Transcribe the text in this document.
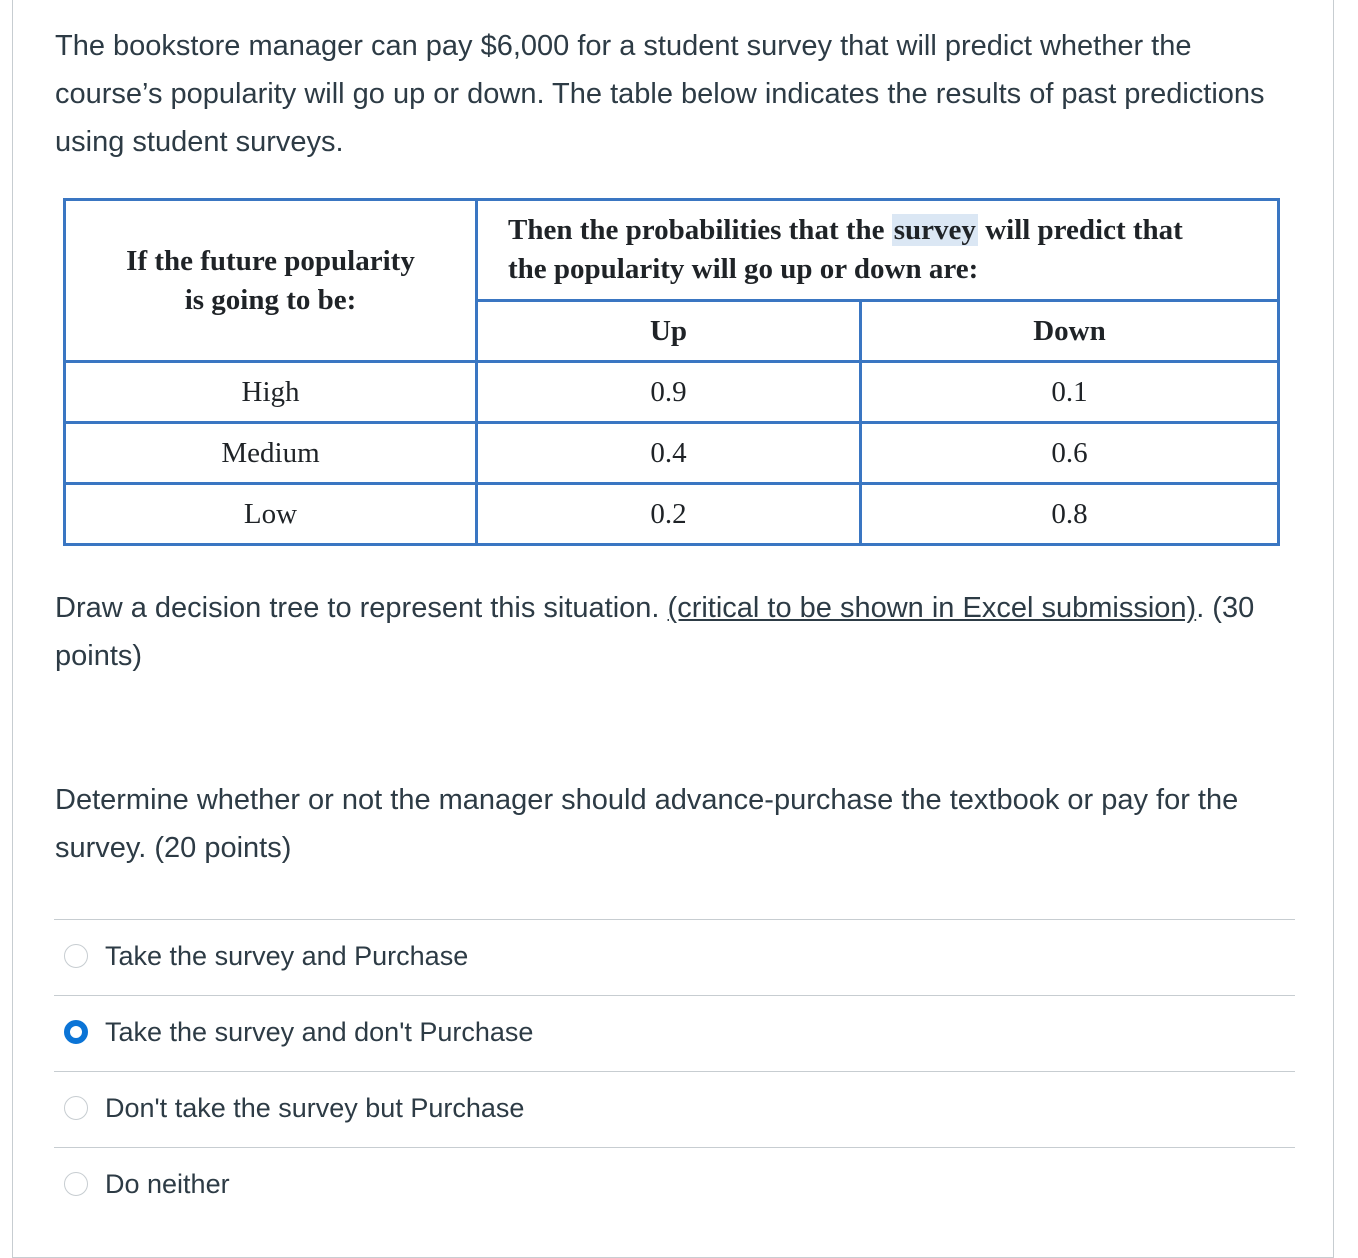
The bookstore manager can pay $6,000 for a student survey that will predict whether the course’s popularity will go up or down. The table below indicates the results of past predictions using student surveys.

If the future popularity
is going to be:	Then the probabilities that the survey will predict that
the popularity will go up or down are:	
	Up	Down
High	0.9	0.1
Medium	0.4	0.6
Low	0.2	0.8

Draw a decision tree to represent this situation. (critical to be shown in Excel submission). (30 points)

Determine whether or not the manager should advance-purchase the textbook or pay for the survey. (20 points)

Take the survey and Purchase
Take the survey and don't Purchase
Don't take the survey but Purchase
Do neither
